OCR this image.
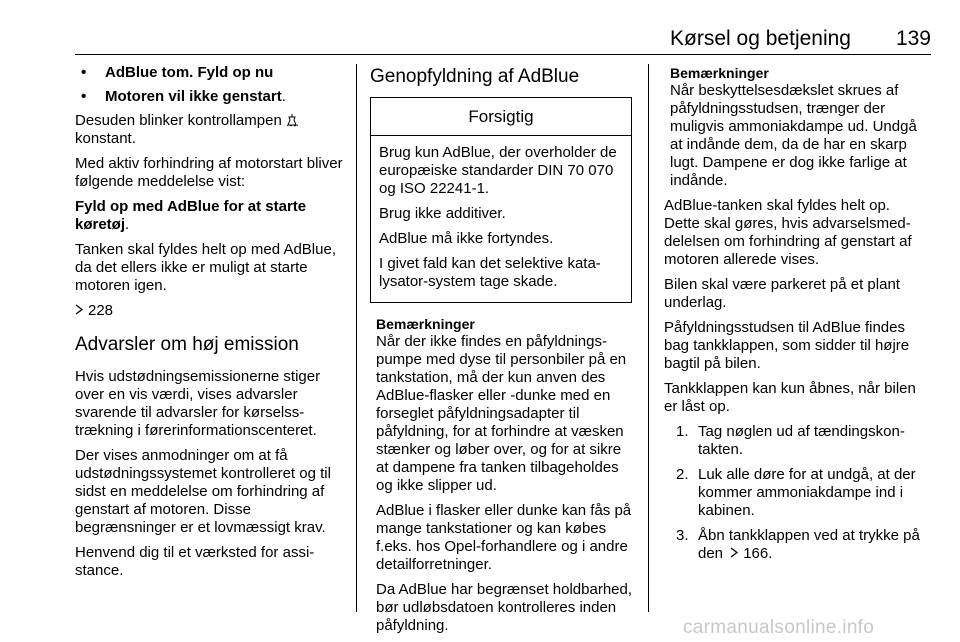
Kørsel og betjening 139
• AdBlue tom. Fyld op nu
• Motoren vil ikke genstart.

Desuden blinker kontrollampen  konstant.

Med aktiv forhindring af motorstart bliver følgende meddelelse vist:

Fyld op med AdBlue for at starte køretøj.

Tanken skal fyldes helt op med AdBlue, da det ellers ikke er muligt at starte motoren igen.

228

Advarsler om høj emission

Hvis udstødningsemissionerne stiger over en vis værdi, vises advarsler svarende til advarsler for kørselsstrækning i førerinformationscenteret.

Der vises anmodninger om at få udstødningssystemet kontrolleret og til sidst en meddelelse om forhindring af genstart af motoren. Disse begrænsninger er et lovmæssigt krav.

Henvend dig til et værksted for assistance.

Genopfyldning af AdBlue
Forsigtig

Brug kun AdBlue, der overholder de europæiske standarder DIN 70 070 og ISO 22241-1.

Brug ikke additiver.

AdBlue må ikke fortyndes.

I givet fald kan det selektive katalysator-system tage skade.

Bemærkninger

Når der ikke findes en påfyldningspumpe med dyse til personbiler på en tankstation, må der kun anven des AdBlue-flasker eller -dunke med en forseglet påfyldningsadapter til påfyldning, for at forhindre at væsken stænker og løber over, og for at sikre at dampene fra tanken tilbageholdes og ikke slipper ud.

AdBlue i flasker eller dunke kan fås på mange tankstationer og kan købes f.eks. hos Opel-forhandlere og i andre detailforretninger.

Da AdBlue har begrænset holdbarhed, bør udløbsdatoen kontrolleres inden påfyldning.

Bemærkninger

Når beskyttelsesdækslet skrues af påfyldningsstudsen, trænger der muligvis ammoniakdampe ud. Undgå at indånde dem, da de har en skarp lugt. Dampene er dog ikke farlige at indånde.

AdBlue-tanken skal fyldes helt op. Dette skal gøres, hvis advarselsmeddelelsen om forhindring af genstart af motoren allerede vises.

Bilen skal være parkeret på et plant underlag.

Påfyldningsstudsen til AdBlue findes bag tankklappen, som sidder til højre bagtil på bilen.

Tankklappen kan kun åbnes, når bilen er låst op.

1. Tag nøglen ud af tændingskontakten.
2. Luk alle døre for at undgå, at der kommer ammoniakdampe ind i kabinen.
3. Åbn tankklappen ved at trykke på den 166.
carmanualsonline.info
